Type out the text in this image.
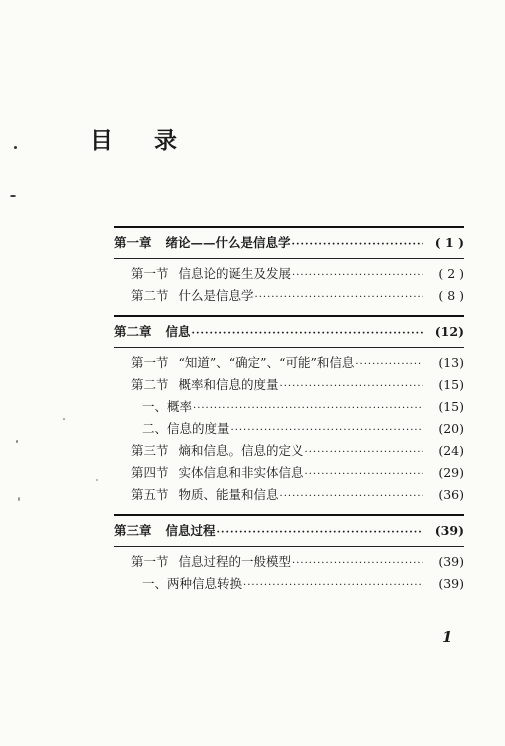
目 录
第一章 绪论——什么是信息学 ·····	( 1 )
第一节 信息论的诞生及发展 ·····	( 2 )
第二节 什么是信息学 ·····	( 8 )
第二章 信息 ·····	(12)
第一节 “知道”、“确定”、“可能”和信息 ·····	(13)
第二节 概率和信息的度量 ·····	(15)
一、概率 ·····	(15)
二、信息的度量 ·····	(20)
第三节 熵和信息。信息的定义 ·····	(24)
第四节 实体信息和非实体信息 ·····	(29)
第五节 物质、能量和信息 ·····	(36)
第三章 信息过程 ·····	(39)
第一节 信息过程的一般模型 ·····	(39)
一、两种信息转换 ·····	(39)
1
